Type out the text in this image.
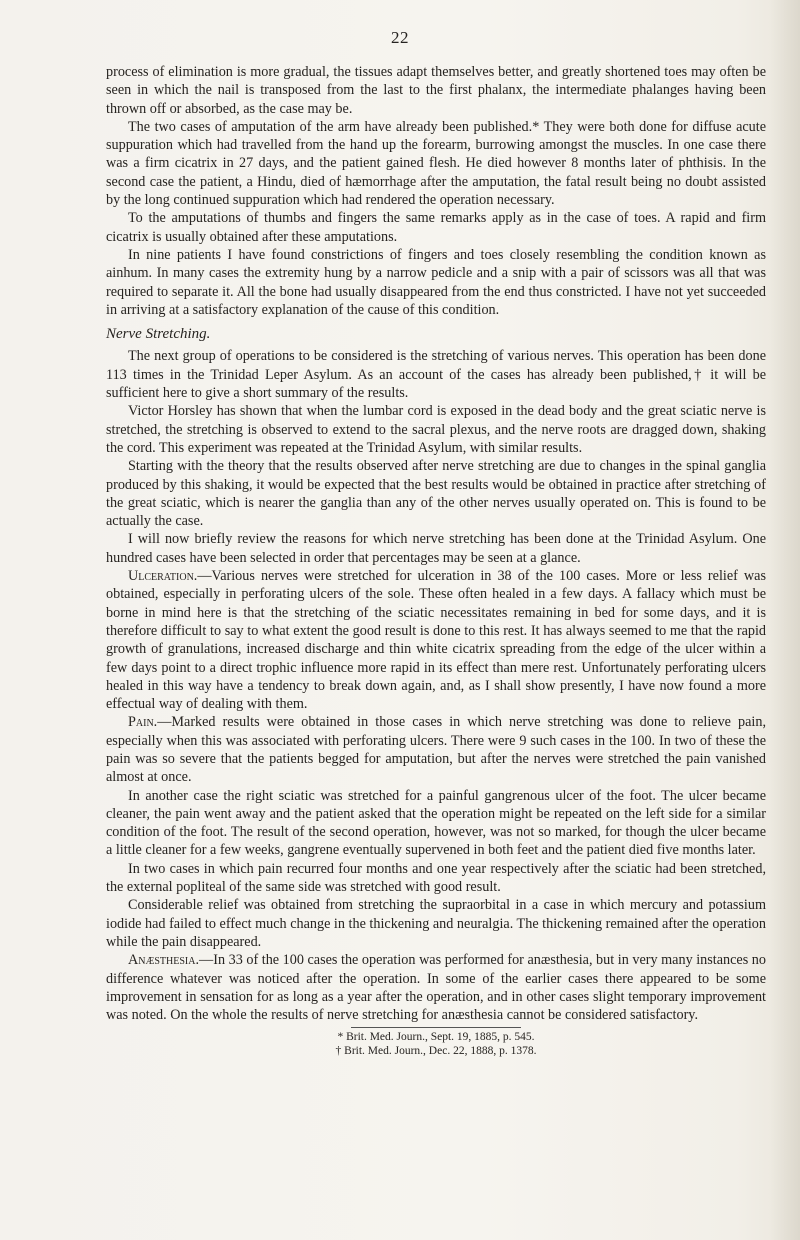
22

process of elimination is more gradual, the tissues adapt themselves better, and greatly shortened toes may often be seen in which the nail is transposed from the last to the first phalanx, the intermediate phalanges having been thrown off or absorbed, as the case may be.

The two cases of amputation of the arm have already been published.* They were both done for diffuse acute suppuration which had travelled from the hand up the forearm, burrowing amongst the muscles. In one case there was a firm cicatrix in 27 days, and the patient gained flesh. He died however 8 months later of phthisis. In the second case the patient, a Hindu, died of hæmorrhage after the amputation, the fatal result being no doubt assisted by the long continued suppuration which had rendered the operation necessary.

To the amputations of thumbs and fingers the same remarks apply as in the case of toes. A rapid and firm cicatrix is usually obtained after these amputations.

In nine patients I have found constrictions of fingers and toes closely resembling the condition known as ainhum. In many cases the extremity hung by a narrow pedicle and a snip with a pair of scissors was all that was required to separate it. All the bone had usually disappeared from the end thus constricted. I have not yet succeeded in arriving at a satisfactory explanation of the cause of this condition.

Nerve Stretching.

The next group of operations to be considered is the stretching of various nerves. This operation has been done 113 times in the Trinidad Leper Asylum. As an account of the cases has already been published,† it will be sufficient here to give a short summary of the results.

Victor Horsley has shown that when the lumbar cord is exposed in the dead body and the great sciatic nerve is stretched, the stretching is observed to extend to the sacral plexus, and the nerve roots are dragged down, shaking the cord. This experiment was repeated at the Trinidad Asylum, with similar results.

Starting with the theory that the results observed after nerve stretching are due to changes in the spinal ganglia produced by this shaking, it would be expected that the best results would be obtained in practice after stretching of the great sciatic, which is nearer the ganglia than any of the other nerves usually operated on. This is found to be actually the case.

I will now briefly review the reasons for which nerve stretching has been done at the Trinidad Asylum. One hundred cases have been selected in order that percentages may be seen at a glance.

Ulceration.—Various nerves were stretched for ulceration in 38 of the 100 cases. More or less relief was obtained, especially in perforating ulcers of the sole. These often healed in a few days. A fallacy which must be borne in mind here is that the stretching of the sciatic necessitates remaining in bed for some days, and it is therefore difficult to say to what extent the good result is done to this rest. It has always seemed to me that the rapid growth of granulations, increased discharge and thin white cicatrix spreading from the edge of the ulcer within a few days point to a direct trophic influence more rapid in its effect than mere rest. Unfortunately perforating ulcers healed in this way have a tendency to break down again, and, as I shall show presently, I have now found a more effectual way of dealing with them.

Pain.—Marked results were obtained in those cases in which nerve stretching was done to relieve pain, especially when this was associated with perforating ulcers. There were 9 such cases in the 100. In two of these the pain was so severe that the patients begged for amputation, but after the nerves were stretched the pain vanished almost at once.

In another case the right sciatic was stretched for a painful gangrenous ulcer of the foot. The ulcer became cleaner, the pain went away and the patient asked that the operation might be repeated on the left side for a similar condition of the foot. The result of the second operation, however, was not so marked, for though the ulcer became a little cleaner for a few weeks, gangrene eventually supervened in both feet and the patient died five months later.

In two cases in which pain recurred four months and one year respectively after the sciatic had been stretched, the external popliteal of the same side was stretched with good result.

Considerable relief was obtained from stretching the supraorbital in a case in which mercury and potassium iodide had failed to effect much change in the thickening and neuralgia. The thickening remained after the operation while the pain disappeared.

Anæsthesia.—In 33 of the 100 cases the operation was performed for anæsthesia, but in very many instances no difference whatever was noticed after the operation. In some of the earlier cases there appeared to be some improvement in sensation for as long as a year after the operation, and in other cases slight temporary improvement was noted. On the whole the results of nerve stretching for anæsthesia cannot be considered satisfactory.

* Brit. Med. Journ., Sept. 19, 1885, p. 545.
† Brit. Med. Journ., Dec. 22, 1888, p. 1378.
